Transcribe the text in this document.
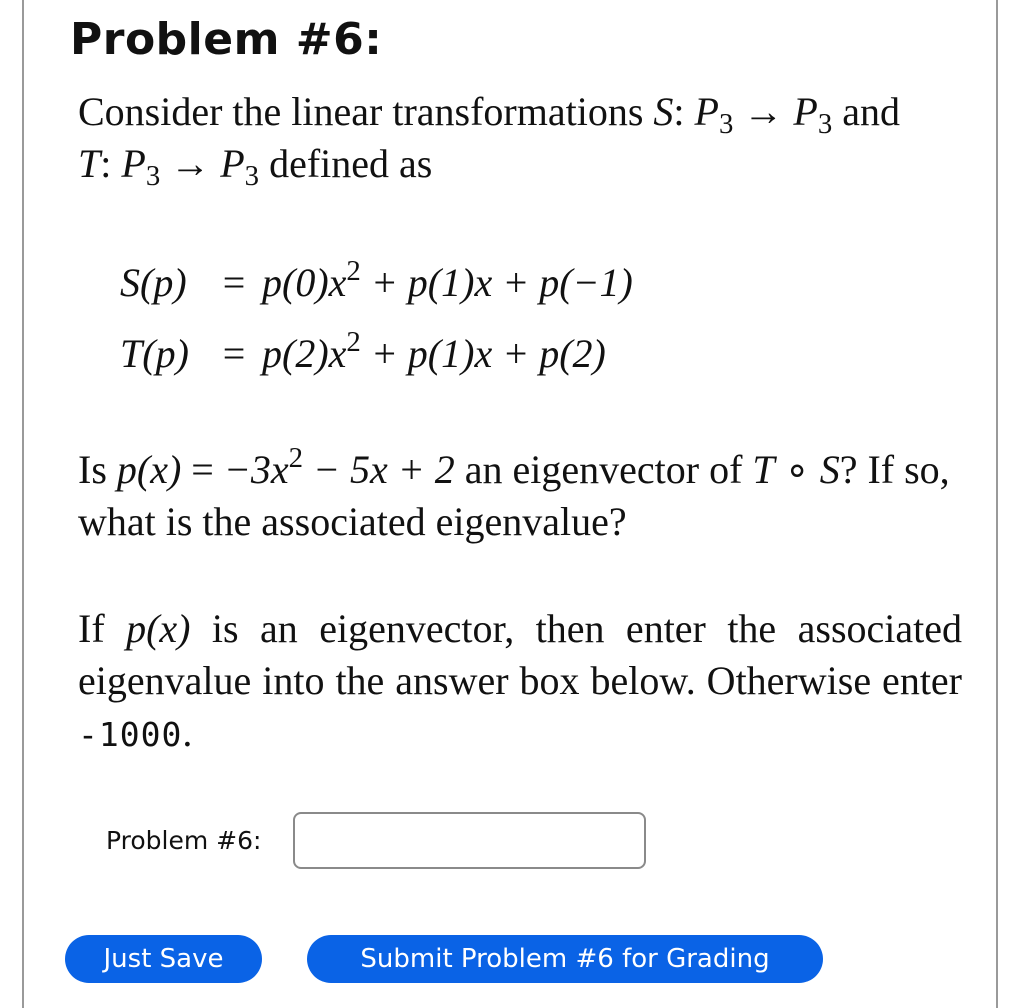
Problem #6:

Consider the linear transformations S: $P_3 \to P_3$ and
T: $P_3 \to P_3$ defined as

$S(p) = p(0)x^2 + p(1)x + p(-1)$
$T(p) = p(2)x^2 + p(1)x + p(2)$

Is $p(x) = -3x^2 - 5x + 2$ an eigenvector of T ∘ S? If so, what is the associated eigenvalue?

If p(x) is an eigenvector, then enter the associated eigenvalue into the answer box below. Otherwise enter -1000.

Problem #6:
Just Save	Submit Problem #6 for Grading
